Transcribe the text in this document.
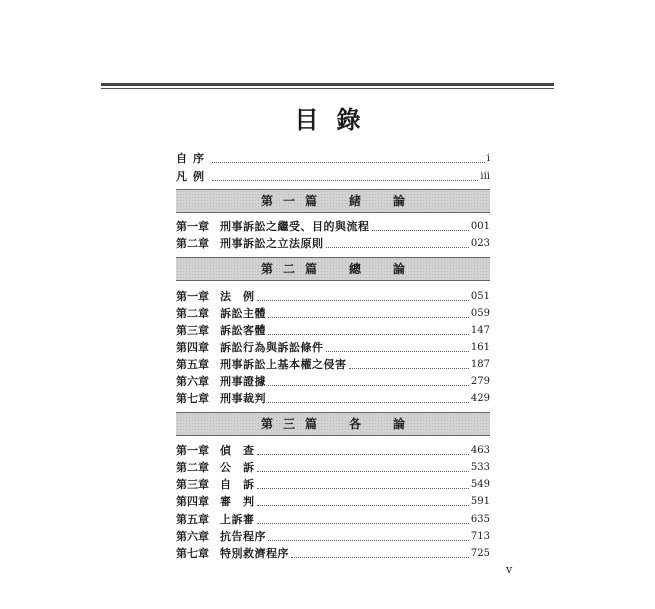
目錄
自序	i
凡例	iii
第一篇　緒　論
第一章	刑事訴訟之繼受、目的與流程	001
第二章	刑事訴訟之立法原則	023
第二篇　總　論
第一章	法　例	051
第二章	訴訟主體	059
第三章	訴訟客體	147
第四章	訴訟行為與訴訟條件	161
第五章	刑事訴訟上基本權之侵害	187
第六章	刑事證據	279
第七章	刑事裁判	429
第三篇　各　論
第一章	偵　查	463
第二章	公　訴	533
第三章	自　訴	549
第四章	審　判	591
第五章	上訴審	635
第六章	抗告程序	713
第七章	特別救濟程序	725
v
